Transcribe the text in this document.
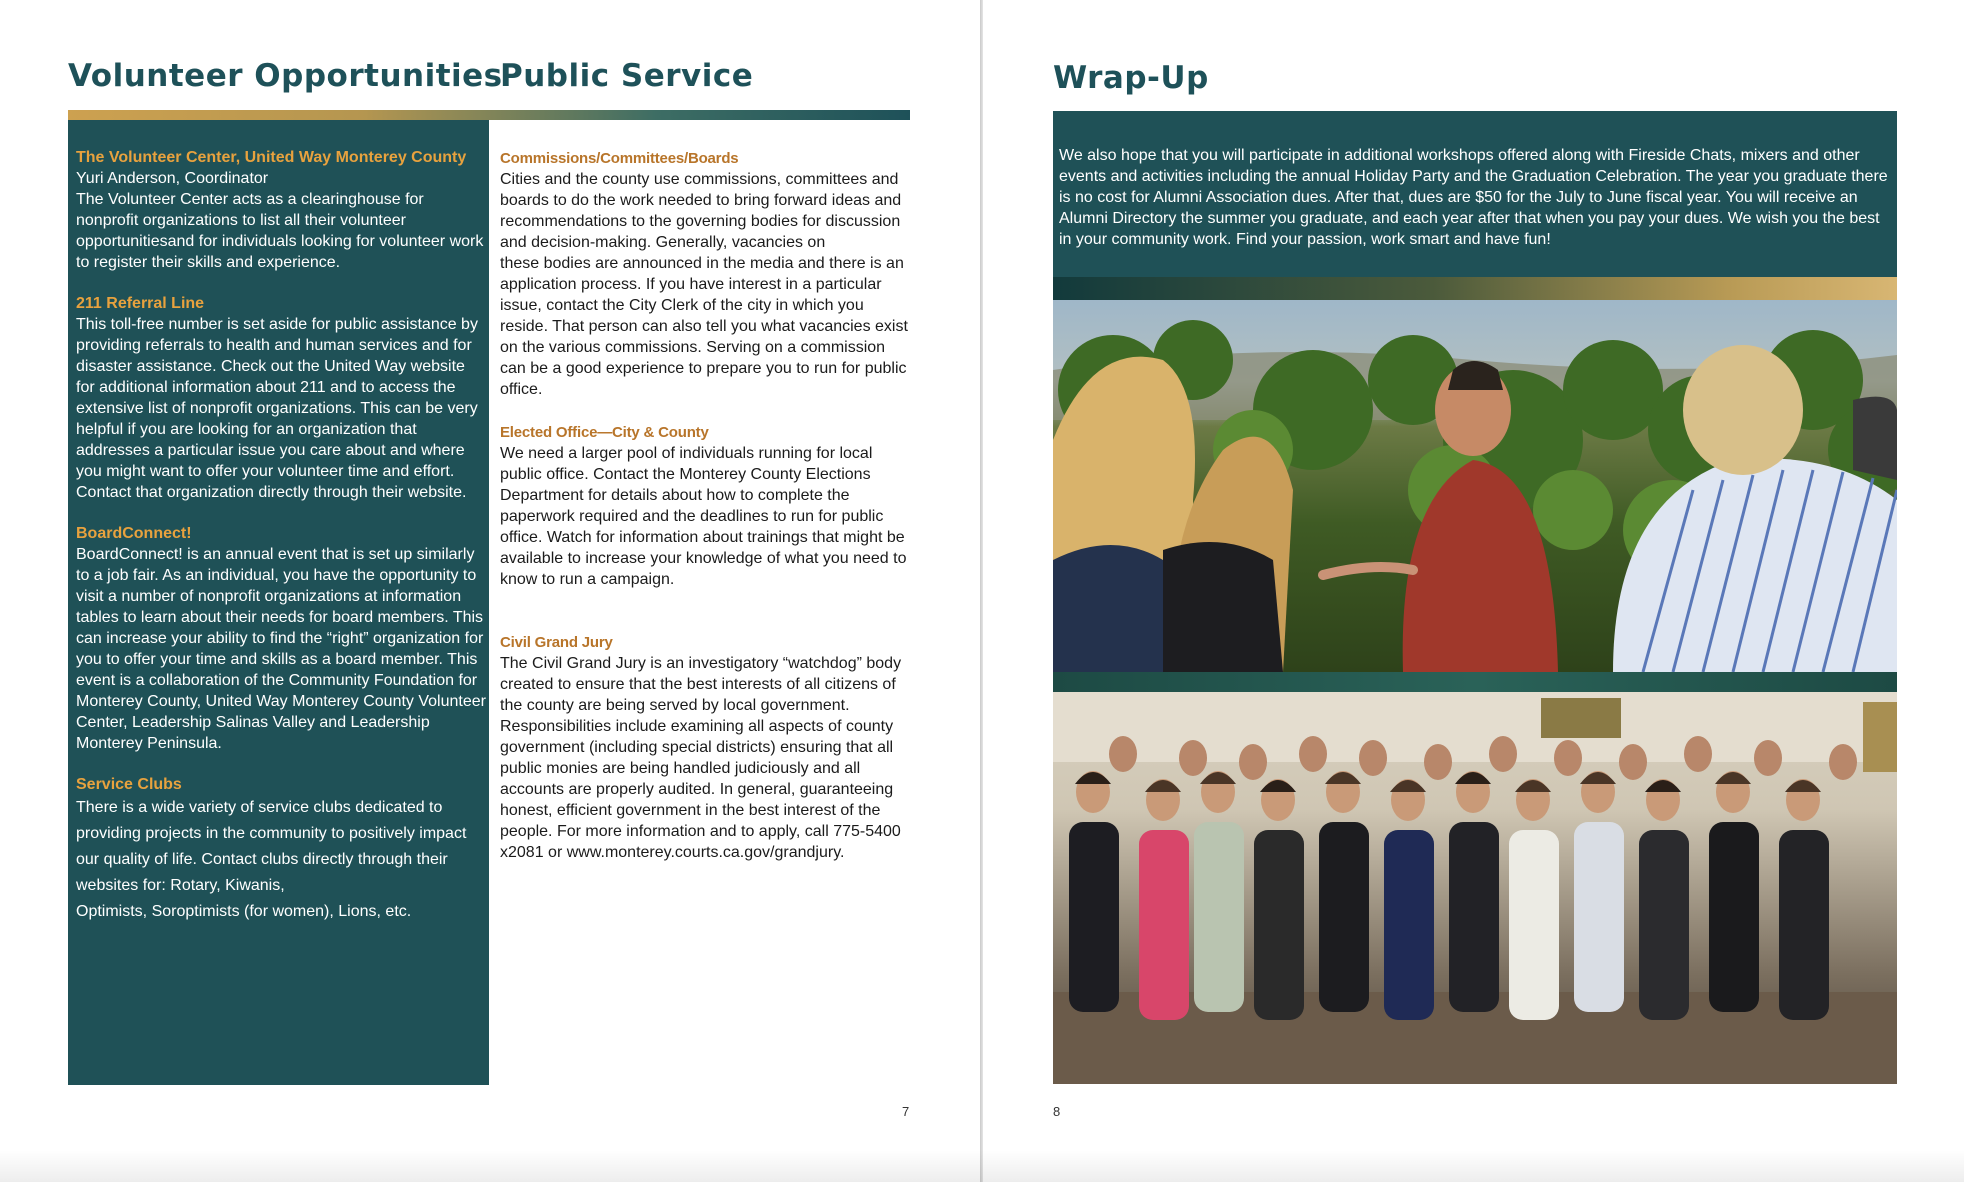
Volunteer Opportunities
Public Service
The Volunteer Center, United Way Monterey County

Yuri Anderson, Coordinator
The Volunteer Center acts as a clearinghouse for nonprofit organizations to list all their volunteer opportunitiesand for individuals looking for volunteer work to register their skills and experience.

211 Referral Line

This toll-free number is set aside for public assistance by providing referrals to health and human services and for disaster assistance. Check out the United Way website for additional information about 211 and to access the extensive list of nonprofit organizations. This can be very helpful if you are looking for an organization that addresses a particular issue you care about and where you might want to offer your volunteer time and effort. Contact that organization directly through their website.

BoardConnect!

BoardConnect! is an annual event that is set up similarly to a job fair. As an individual, you have the opportunity to visit a number of nonprofit organizations at information tables to learn about their needs for board members. This can increase your ability to find the “right” organization for you to offer your time and skills as a board member. This event is a collaboration of the Community Foundation for Monterey County, United Way Monterey County Volunteer Center, Leadership Salinas Valley and Leadership Monterey Peninsula.

Service Clubs

There is a wide variety of service clubs dedicated to providing projects in the community to positively impact our quality of life. Contact clubs directly through their websites for: Rotary, Kiwanis,
Optimists, Soroptimists (for women), Lions, etc.

Commissions/Committees/Boards

Cities and the county use commissions, committees and boards to do the work needed to bring forward ideas and recommendations to the governing bodies for discussion and decision-making. Generally, vacancies on
these bodies are announced in the media and there is an application process. If you have interest in a particular issue, contact the City Clerk of the city in which you reside. That person can also tell you what vacancies exist on the various commissions. Serving on a commission can be a good experience to prepare you to run for public office.

Elected Office—City & County

We need a larger pool of individuals running for local public office. Contact the Monterey County Elections Department for details about how to complete the paperwork required and the deadlines to run for public office. Watch for information about trainings that might be available to increase your knowledge of what you need to know to run a campaign.

Civil Grand Jury

The Civil Grand Jury is an investigatory “watchdog” body created to ensure that the best interests of all citizens of the county are being served by local government. Responsibilities include examining all aspects of county government (including special districts) ensuring that all public monies are being handled judiciously and all accounts are properly audited. In general, guaranteeing honest, efficient government in the best interest of the people. For more information and to apply, call 775-5400 x2081 or www.monterey.courts.ca.gov/grandjury.

7
Wrap-Up

We also hope that you will participate in additional workshops offered along with Fireside Chats, mixers and other events and activities including the annual Holiday Party and the Graduation Celebration. The year you graduate there is no cost for Alumni Association dues. After that, dues are $50 for the July to June fiscal year. You will receive an Alumni Directory the summer you graduate, and each year after that when you pay your dues. We wish you the best in your community work. Find your passion, work smart and have fun!

8
